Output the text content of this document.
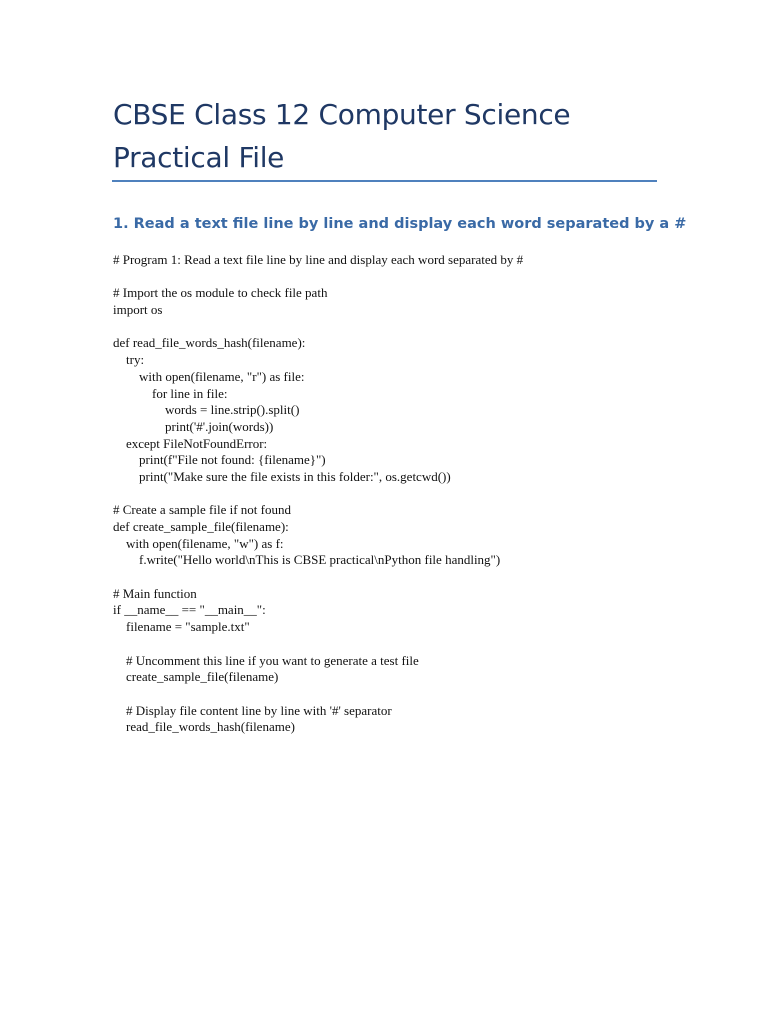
CBSE Class 12 Computer Science
Practical File
1. Read a text file line by line and display each word separated by a #
# Program 1: Read a text file line by line and display each word separated by #
# Import the os module to check file path
import os
def read_file_words_hash(filename):
try:
with open(filename, "r") as file:
for line in file:
words = line.strip().split()
print('#'.join(words))
except FileNotFoundError:
print(f"File not found: {filename}")
print("Make sure the file exists in this folder:", os.getcwd())
# Create a sample file if not found
def create_sample_file(filename):
with open(filename, "w") as f:
f.write("Hello world\nThis is CBSE practical\nPython file handling")
# Main function
if __name__ == "__main__":
filename = "sample.txt"
# Uncomment this line if you want to generate a test file
create_sample_file(filename)
# Display file content line by line with '#' separator
read_file_words_hash(filename)
